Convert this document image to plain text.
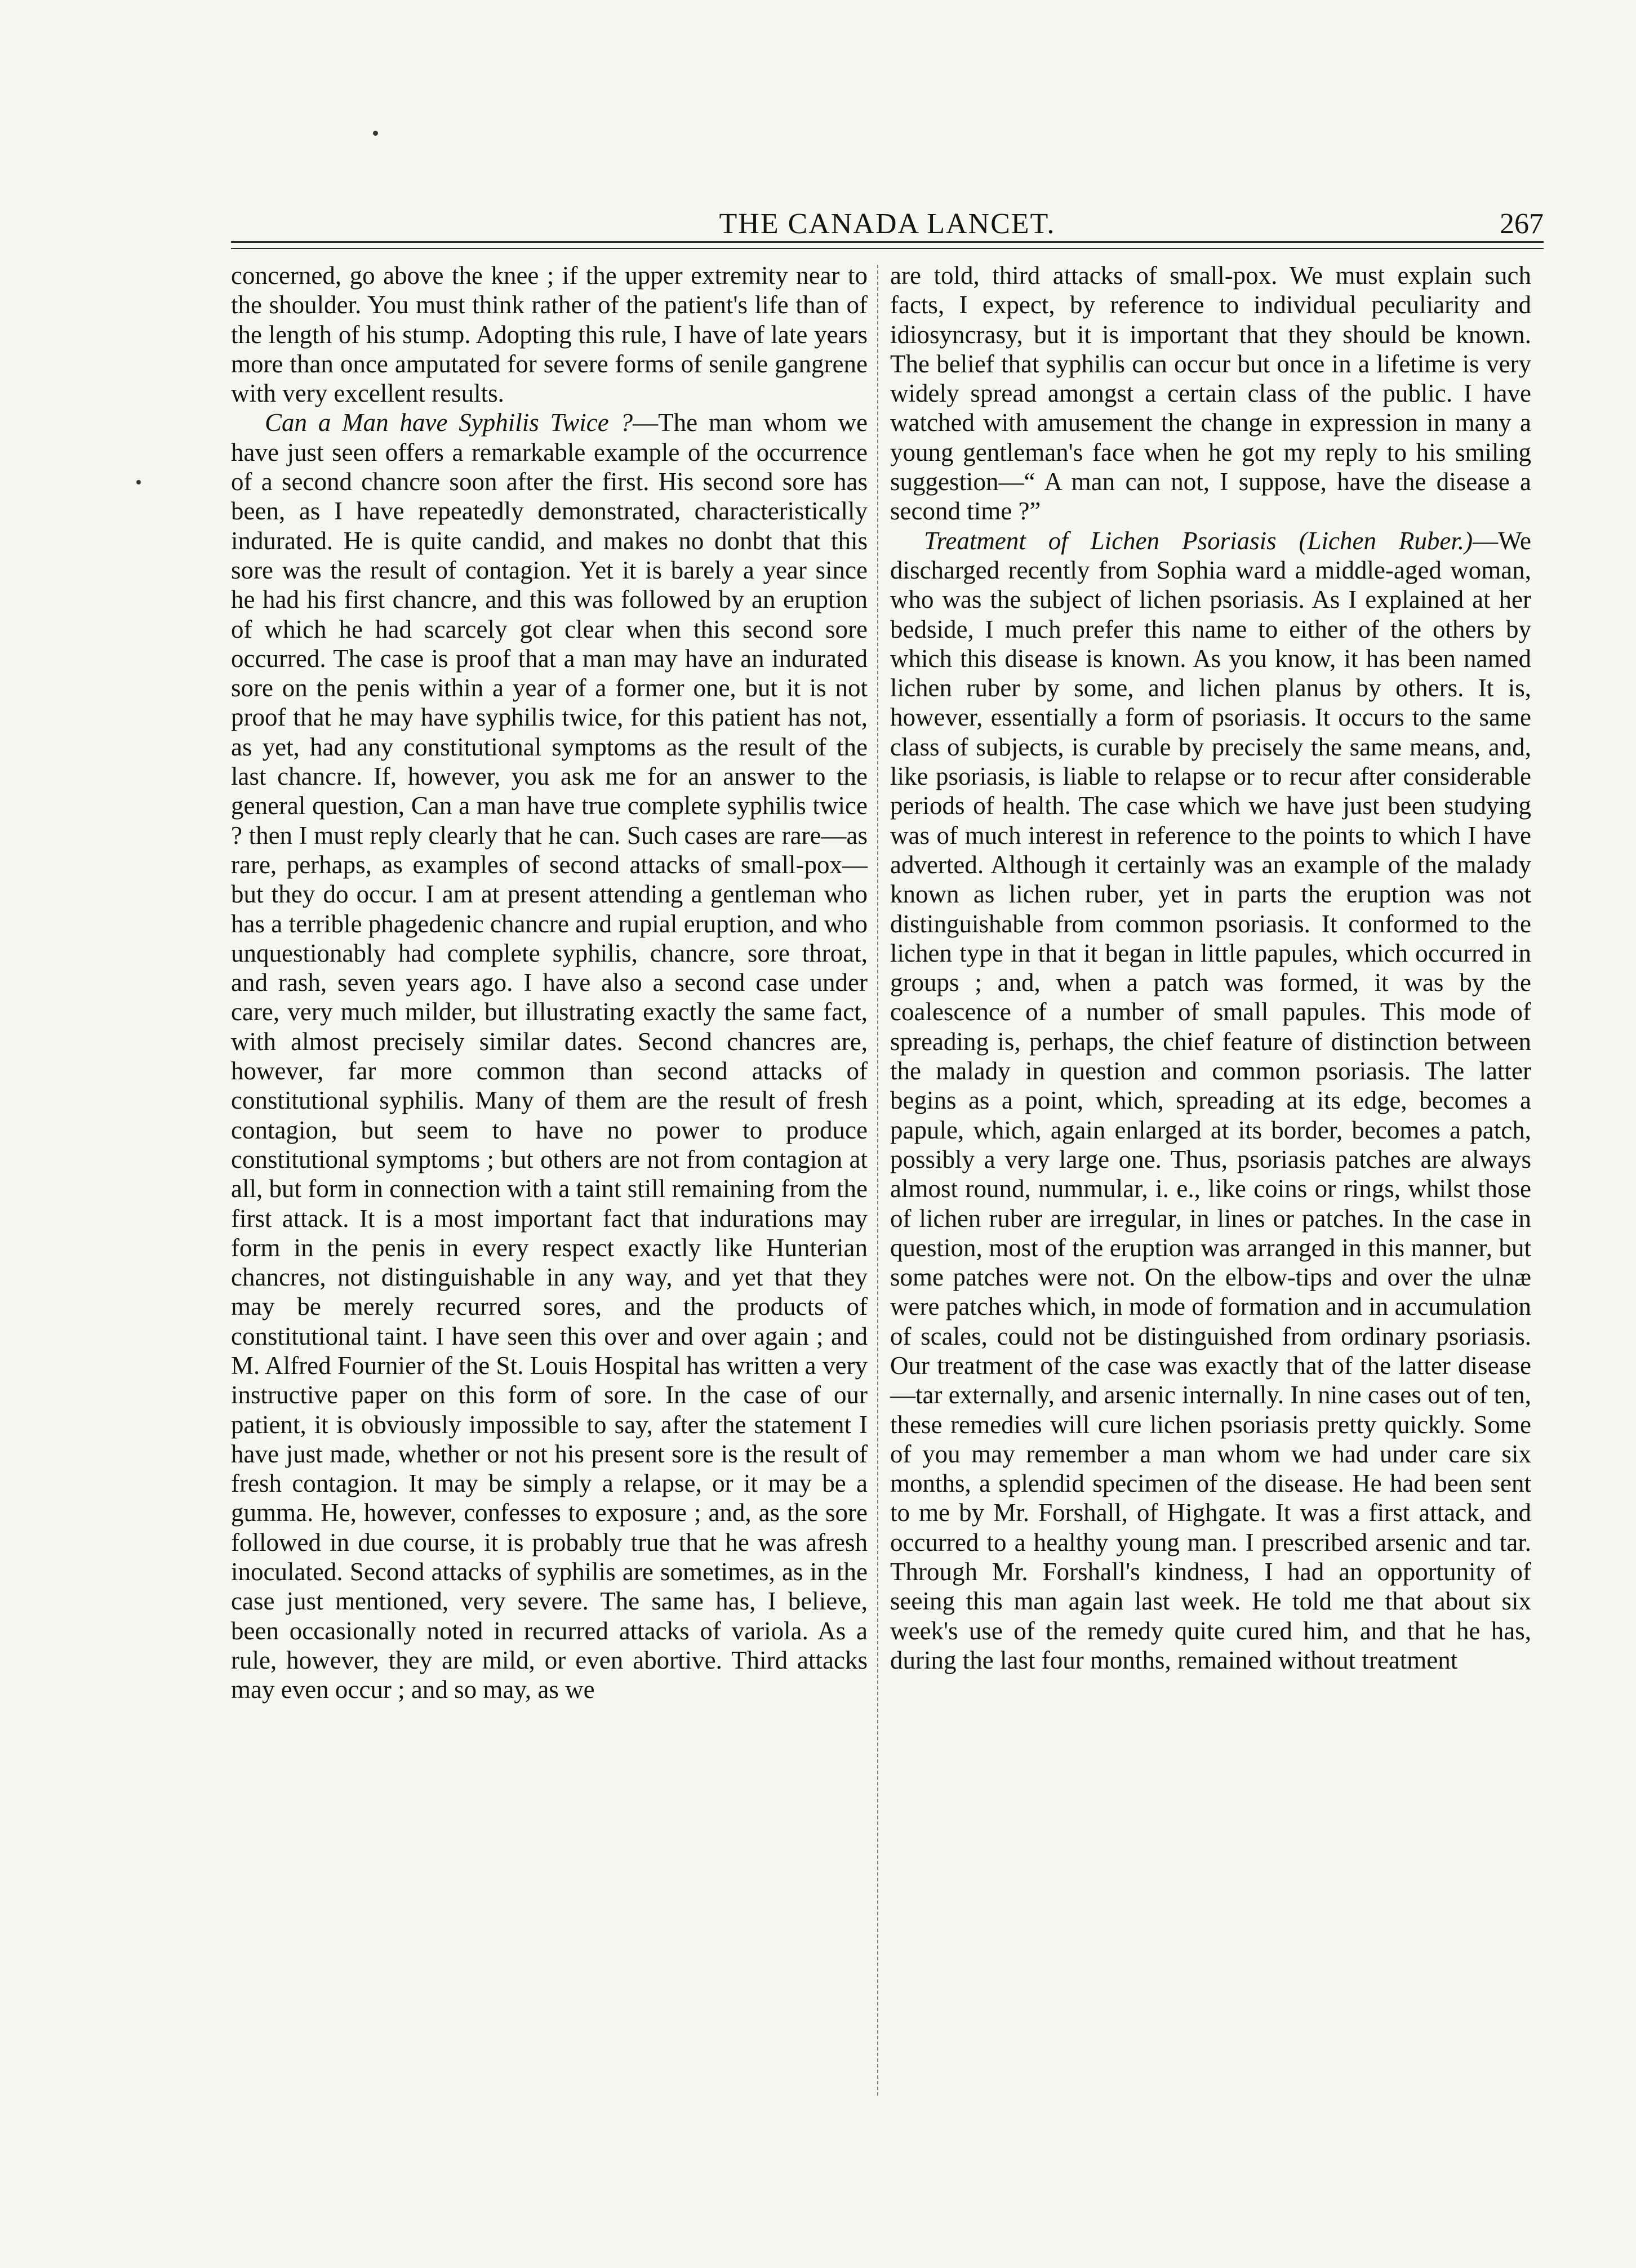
THE CANADA LANCET.	267

concerned, go above the knee ; if the upper extremity near to the shoulder. You must think rather of the patient's life than of the length of his stump. Adopting this rule, I have of late years more than once amputated for severe forms of senile gangrene with very excellent results.

Can a Man have Syphilis Twice ?—The man whom we have just seen offers a remarkable example of the occurrence of a second chancre soon after the first. His second sore has been, as I have repeatedly demonstrated, characteristically indurated. He is quite candid, and makes no donbt that this sore was the result of contagion. Yet it is barely a year since he had his first chancre, and this was followed by an eruption of which he had scarcely got clear when this second sore occurred. The case is proof that a man may have an indurated sore on the penis within a year of a former one, but it is not proof that he may have syphilis twice, for this patient has not, as yet, had any constitutional symptoms as the result of the last chancre. If, however, you ask me for an answer to the general question, Can a man have true complete syphilis twice ? then I must reply clearly that he can. Such cases are rare—as rare, perhaps, as examples of second attacks of small-pox—but they do occur. I am at present attending a gentleman who has a terrible phagedenic chancre and rupial eruption, and who unquestionably had complete syphilis, chancre, sore throat, and rash, seven years ago. I have also a second case under care, very much milder, but illustrating exactly the same fact, with almost precisely similar dates. Second chancres are, however, far more common than second attacks of constitutional syphilis. Many of them are the result of fresh contagion, but seem to have no power to produce constitutional symptoms ; but others are not from contagion at all, but form in connection with a taint still remaining from the first attack. It is a most important fact that indurations may form in the penis in every respect exactly like Hunterian chancres, not distinguishable in any way, and yet that they may be merely recurred sores, and the products of constitutional taint. I have seen this over and over again ; and M. Alfred Fournier of the St. Louis Hospital has written a very instructive paper on this form of sore. In the case of our patient, it is obviously impossible to say, after the statement I have just made, whether or not his present sore is the result of fresh contagion. It may be simply a relapse, or it may be a gumma. He, however, confesses to exposure ; and, as the sore followed in due course, it is probably true that he was afresh inoculated. Second attacks of syphilis are sometimes, as in the case just mentioned, very severe. The same has, I believe, been occasionally noted in recurred attacks of variola. As a rule, however, they are mild, or even abortive. Third attacks may even occur ; and so may, as we

are told, third attacks of small-pox. We must explain such facts, I expect, by reference to individual peculiarity and idiosyncrasy, but it is important that they should be known. The belief that syphilis can occur but once in a lifetime is very widely spread amongst a certain class of the public. I have watched with amusement the change in expression in many a young gentleman's face when he got my reply to his smiling suggestion—“ A man can not, I suppose, have the disease a second time ?”

Treatment of Lichen Psoriasis (Lichen Ruber.)—We discharged recently from Sophia ward a middle-aged woman, who was the subject of lichen psoriasis. As I explained at her bedside, I much prefer this name to either of the others by which this disease is known. As you know, it has been named lichen ruber by some, and lichen planus by others. It is, however, essentially a form of psoriasis. It occurs to the same class of subjects, is curable by precisely the same means, and, like psoriasis, is liable to relapse or to recur after considerable periods of health. The case which we have just been studying was of much interest in reference to the points to which I have adverted. Although it certainly was an example of the malady known as lichen ruber, yet in parts the eruption was not distinguishable from common psoriasis. It conformed to the lichen type in that it began in little papules, which occurred in groups ; and, when a patch was formed, it was by the coalescence of a number of small papules. This mode of spreading is, perhaps, the chief feature of distinction between the malady in question and common psoriasis. The latter begins as a point, which, spreading at its edge, becomes a papule, which, again enlarged at its border, becomes a patch, possibly a very large one. Thus, psoriasis patches are always almost round, nummular, i. e., like coins or rings, whilst those of lichen ruber are irregular, in lines or patches. In the case in question, most of the eruption was arranged in this manner, but some patches were not. On the elbow-tips and over the ulnæ were patches which, in mode of formation and in accumulation of scales, could not be distinguished from ordinary psoriasis. Our treatment of the case was exactly that of the latter disease—tar externally, and arsenic internally. In nine cases out of ten, these remedies will cure lichen psoriasis pretty quickly. Some of you may remember a man whom we had under care six months, a splendid specimen of the disease. He had been sent to me by Mr. Forshall, of Highgate. It was a first attack, and occurred to a healthy young man. I prescribed arsenic and tar. Through Mr. Forshall's kindness, I had an opportunity of seeing this man again last week. He told me that about six week's use of the remedy quite cured him, and that he has, during the last four months, remained without treatment
